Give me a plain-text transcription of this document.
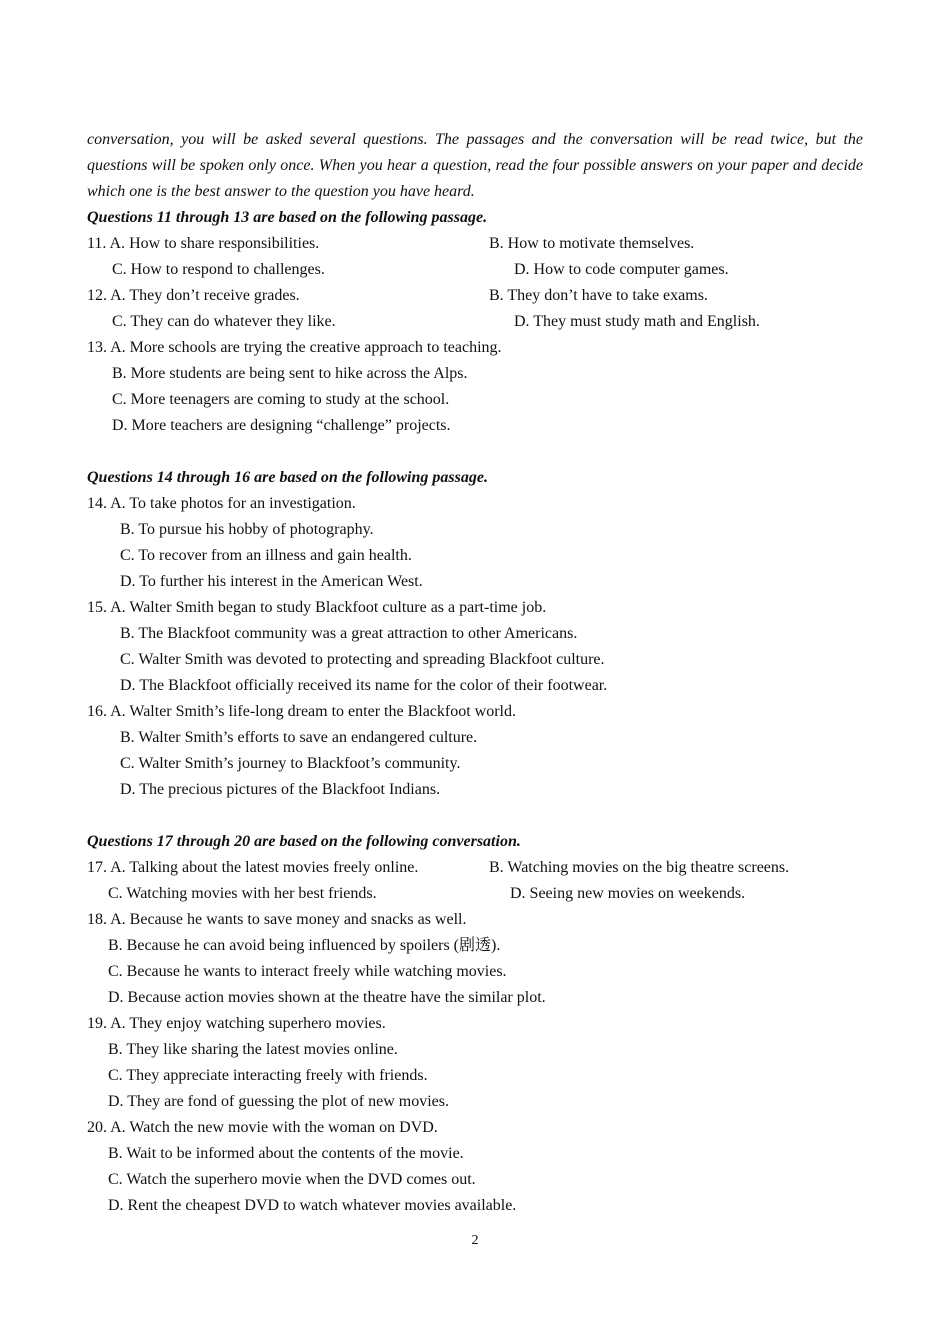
conversation, you will be asked several questions. The passages and the conversation will be read twice, but the questions will be spoken only once. When you hear a question, read the four possible answers on your paper and decide which one is the best answer to the question you have heard.

Questions 11 through 13 are based on the following passage.

11. A. How to share responsibilities.	B. How to motivate themselves.
C. How to respond to challenges.	D. How to code computer games.
12. A. They don’t receive grades.	B. They don’t have to take exams.
C. They can do whatever they like.	D. They must study math and English.
13. A. More schools are trying the creative approach to teaching.
B. More students are being sent to hike across the Alps.
C. More teenagers are coming to study at the school.
D. More teachers are designing “challenge” projects.

Questions 14 through 16 are based on the following passage.

14. A. To take photos for an investigation.
B. To pursue his hobby of photography.
C. To recover from an illness and gain health.
D. To further his interest in the American West.
15. A. Walter Smith began to study Blackfoot culture as a part-time job.
B. The Blackfoot community was a great attraction to other Americans.
C. Walter Smith was devoted to protecting and spreading Blackfoot culture.
D. The Blackfoot officially received its name for the color of their footwear.
16. A. Walter Smith’s life-long dream to enter the Blackfoot world.
B. Walter Smith’s efforts to save an endangered culture.
C. Walter Smith’s journey to Blackfoot’s community.
D. The precious pictures of the Blackfoot Indians.

Questions 17 through 20 are based on the following conversation.

17. A. Talking about the latest movies freely online.	B. Watching movies on the big theatre screens.
C. Watching movies with her best friends.	D. Seeing new movies on weekends.
18. A. Because he wants to save money and snacks as well.
B. Because he can avoid being influenced by spoilers (剧透).
C. Because he wants to interact freely while watching movies.
D. Because action movies shown at the theatre have the similar plot.
19. A. They enjoy watching superhero movies.
B. They like sharing the latest movies online.
C. They appreciate interacting freely with friends.
D. They are fond of guessing the plot of new movies.
20. A. Watch the new movie with the woman on DVD.
B. Wait to be informed about the contents of the movie.
C. Watch the superhero movie when the DVD comes out.
D. Rent the cheapest DVD to watch whatever movies available.
2
